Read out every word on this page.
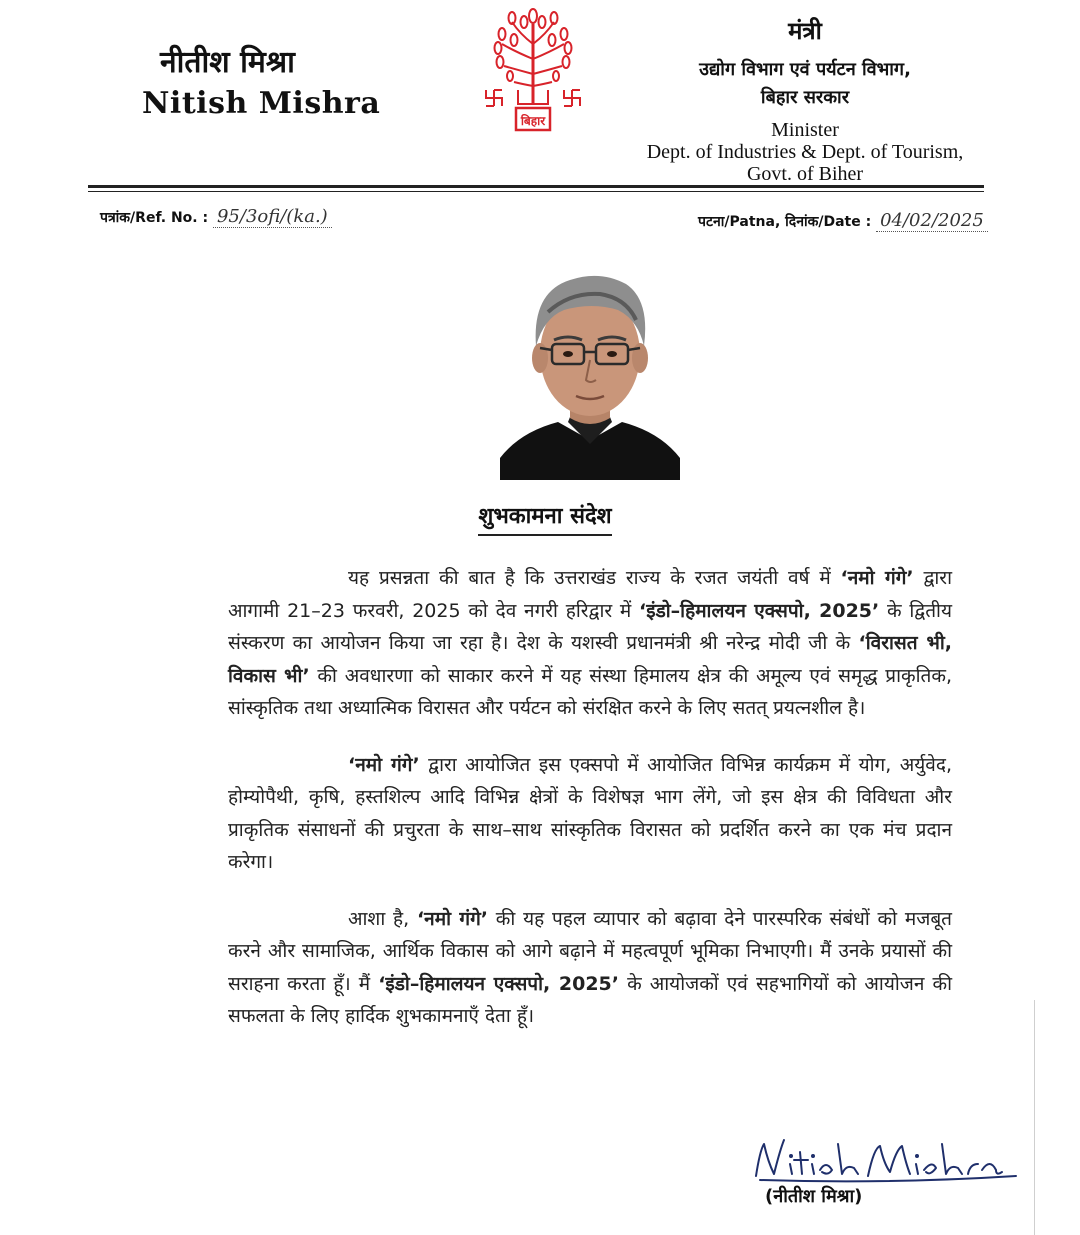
नीतीश मिश्रा
Nitish Mishra	बिहार
मंत्री
उद्योग विभाग एवं पर्यटन विभाग,
बिहार सरकार
Minister
Dept. of Industries & Dept. of Tourism,
Govt. of Biher
पत्रांक/Ref. No. : 95/3ofi/(ka.)	पटना/Patna, दिनांक/Date : 04/02/2025
शुभकामना संदेश

यह प्रसन्नता की बात है कि उत्तराखंड राज्य के रजत जयंती वर्ष में ‘नमो गंगे’ द्वारा आगामी 21–23 फरवरी, 2025 को देव नगरी हरिद्वार में ‘इंडो–हिमालयन एक्सपो, 2025’ के द्वितीय संस्करण का आयोजन किया जा रहा है। देश के यशस्वी प्रधानमंत्री श्री नरेन्द्र मोदी जी के ‘विरासत भी, विकास भी’ की अवधारणा को साकार करने में यह संस्था हिमालय क्षेत्र की अमूल्य एवं समृद्ध प्राकृतिक, सांस्कृतिक तथा अध्यात्मिक विरासत और पर्यटन को संरक्षित करने के लिए सतत् प्रयत्नशील है।

‘नमो गंगे’ द्वारा आयोजित इस एक्सपो में आयोजित विभिन्न कार्यक्रम में योग, अर्युवेद, होम्योपैथी, कृषि, हस्तशिल्प आदि विभिन्न क्षेत्रों के विशेषज्ञ भाग लेंगे, जो इस क्षेत्र की विविधता और प्राकृतिक संसाधनों की प्रचुरता के साथ–साथ सांस्कृतिक विरासत को प्रदर्शित करने का एक मंच प्रदान करेगा।

आशा है, ‘नमो गंगे’ की यह पहल व्यापार को बढ़ावा देने पारस्परिक संबंधों को मजबूत करने और सामाजिक, आर्थिक विकास को आगे बढ़ाने में महत्वपूर्ण भूमिका निभाएगी। मैं उनके प्रयासों की सराहना करता हूँ। मैं ‘इंडो–हिमालयन एक्सपो, 2025’ के आयोजकों एवं सहभागियों को आयोजन की सफलता के लिए हार्दिक शुभकामनाएँ देता हूँ।

(नीतीश मिश्रा)
